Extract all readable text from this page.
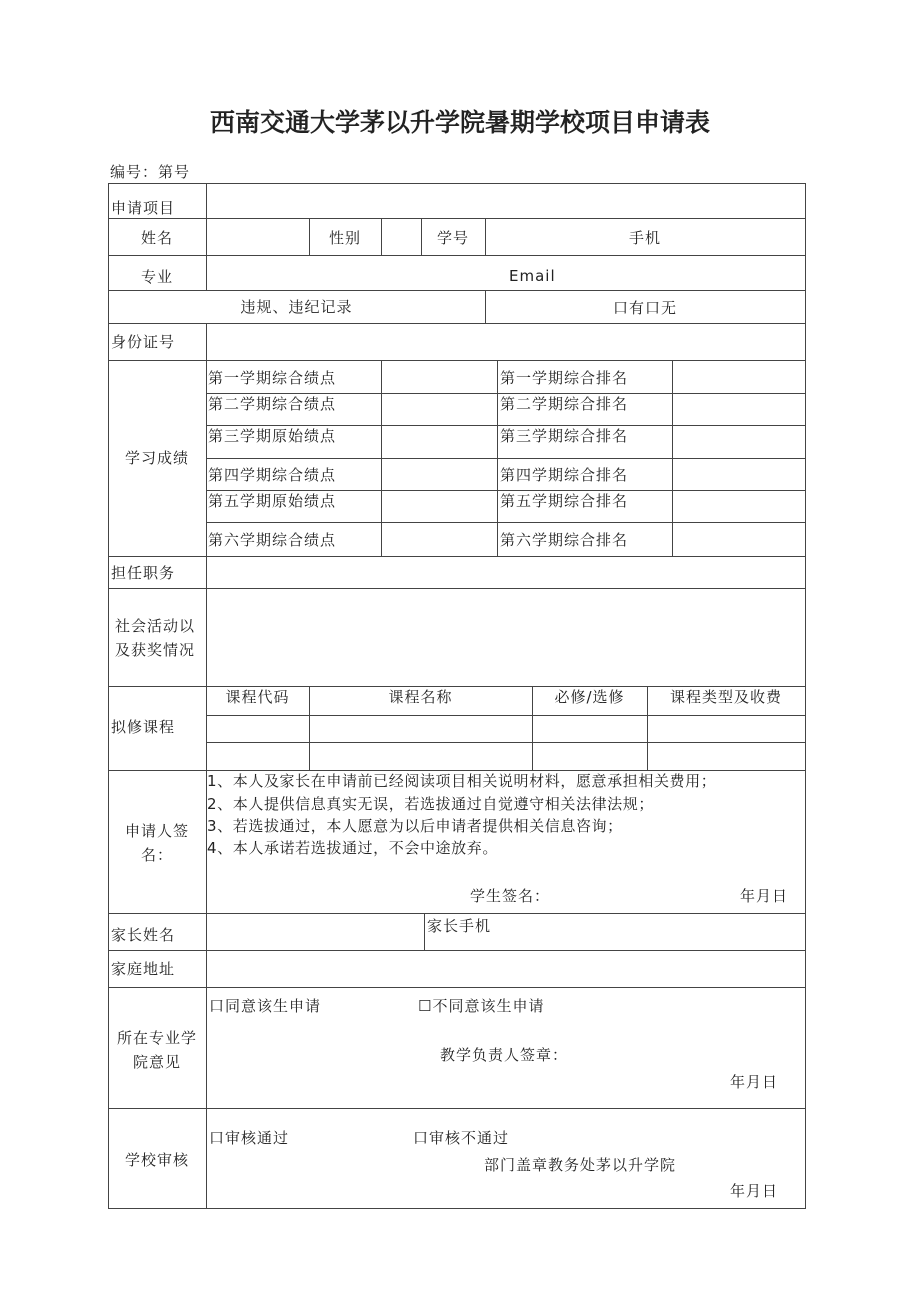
西南交通大学茅以升学院暑期学校项目申请表
编号：第号
申请项目
姓名	性别	学号	手机
专业	Email
违规、违纪记录	口有口无
身份证号
学习成绩
第一学期综合绩点	第一学期综合排名
第二学期综合绩点	第二学期综合排名
第三学期原始绩点	第三学期综合排名
第四学期综合绩点	第四学期综合排名
第五学期原始绩点	第五学期综合排名
第六学期综合绩点	第六学期综合排名
担任职务
社会活动以
及获奖情况
拟修课程
课程代码	课程名称	必修/选修	课程类型及收费
申请人签
名：
1、本人及家长在申请前已经阅读项目相关说明材料，愿意承担相关费用；
2、本人提供信息真实无误，若选拔通过自觉遵守相关法律法规；
3、若选拔通过，本人愿意为以后申请者提供相关信息咨询；
4、本人承诺若选拔通过，不会中途放弃。
学生签名：	年月日
家长姓名	家长手机
家庭地址
所在专业学
院意见
口同意该生申请	☐不同意该生申请
教学负责人签章：
年月日
学校审核
口审核通过	口审核不通过
部门盖章教务处茅以升学院
年月日
